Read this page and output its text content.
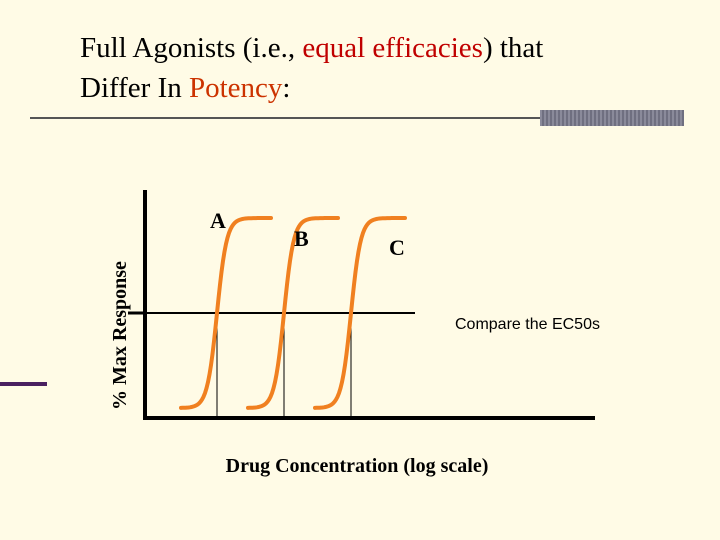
Full Agonists (i.e., equal efficacies) that
Differ In Potency:
A
B	C
% Max Response
Drug Concentration (log scale)
Compare the EC50s
